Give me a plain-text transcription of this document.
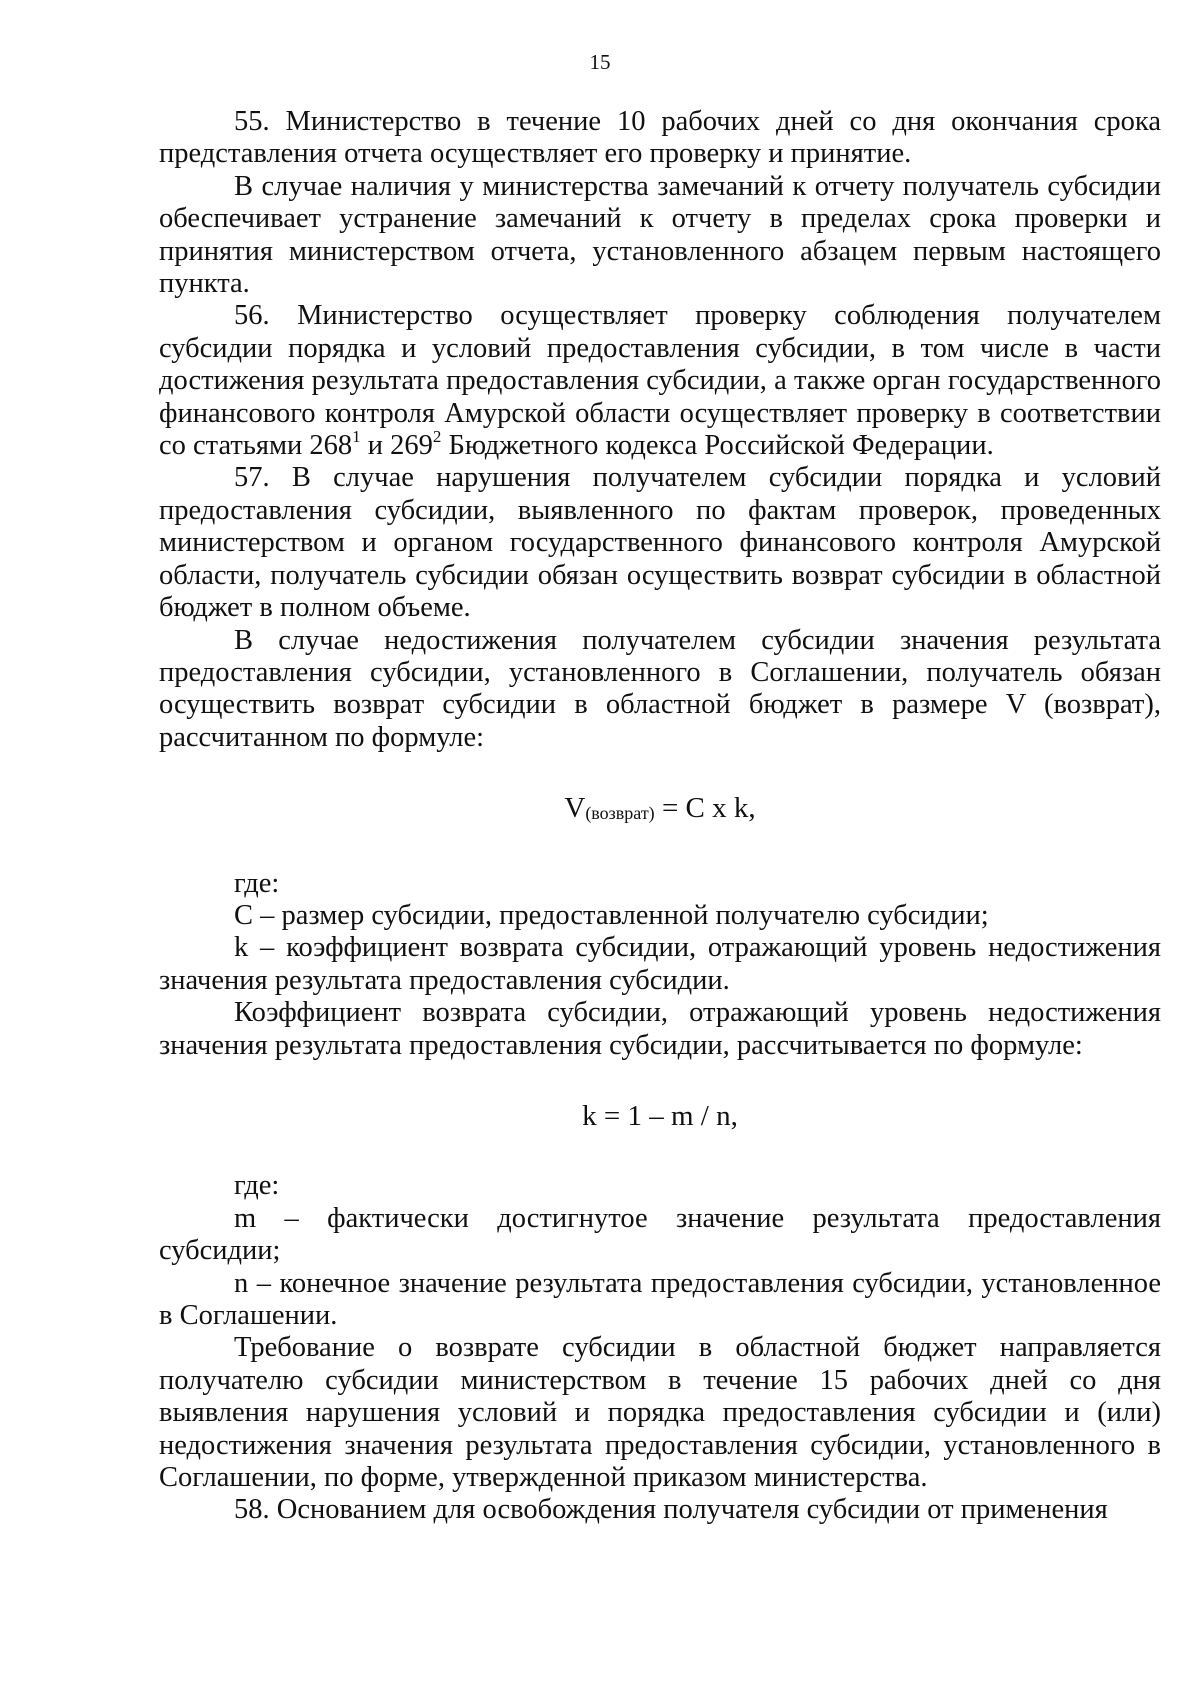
15

55. Министерство в течение 10 рабочих дней со дня окончания срока представления отчета осуществляет его проверку и принятие.

В случае наличия у министерства замечаний к отчету получатель субсидии обеспечивает устранение замечаний к отчету в пределах срока проверки и принятия министерством отчета, установленного абзацем первым настоящего пункта.

56. Министерство осуществляет проверку соблюдения получателем субсидии порядка и условий предоставления субсидии, в том числе в части достижения результата предоставления субсидии, а также орган государственного финансового контроля Амурской области осуществляет проверку в соответствии со статьями $268^1$ и $269^2$ Бюджетного кодекса Российской Федерации.

57. В случае нарушения получателем субсидии порядка и условий предоставления субсидии, выявленного по фактам проверок, проведенных министерством и органом государственного финансового контроля Амурской области, получатель субсидии обязан осуществить возврат субсидии в областной бюджет в полном объеме.

В случае недостижения получателем субсидии значения результата предоставления субсидии, установленного в Соглашении, получатель обязан осуществить возврат субсидии в областной бюджет в размере V (возврат), рассчитанном по формуле:

$V_{(возврат)} = С$ x k,

где:

С – размер субсидии, предоставленной получателю субсидии;

k – коэффициент возврата субсидии, отражающий уровень недостижения значения результата предоставления субсидии.

Коэффициент возврата субсидии, отражающий уровень недостижения значения результата предоставления субсидии, рассчитывается по формуле:

k = 1 – m / n,

где:

m – фактически достигнутое значение результата предоставления субсидии;

n – конечное значение результата предоставления субсидии, установленное в Соглашении.

Требование о возврате субсидии в областной бюджет направляется получателю субсидии министерством в течение 15 рабочих дней со дня выявления нарушения условий и порядка предоставления субсидии и (или) недостижения значения результата предоставления субсидии, установленного в Соглашении, по форме, утвержденной приказом министерства.

58. Основанием для освобождения получателя субсидии от применения
